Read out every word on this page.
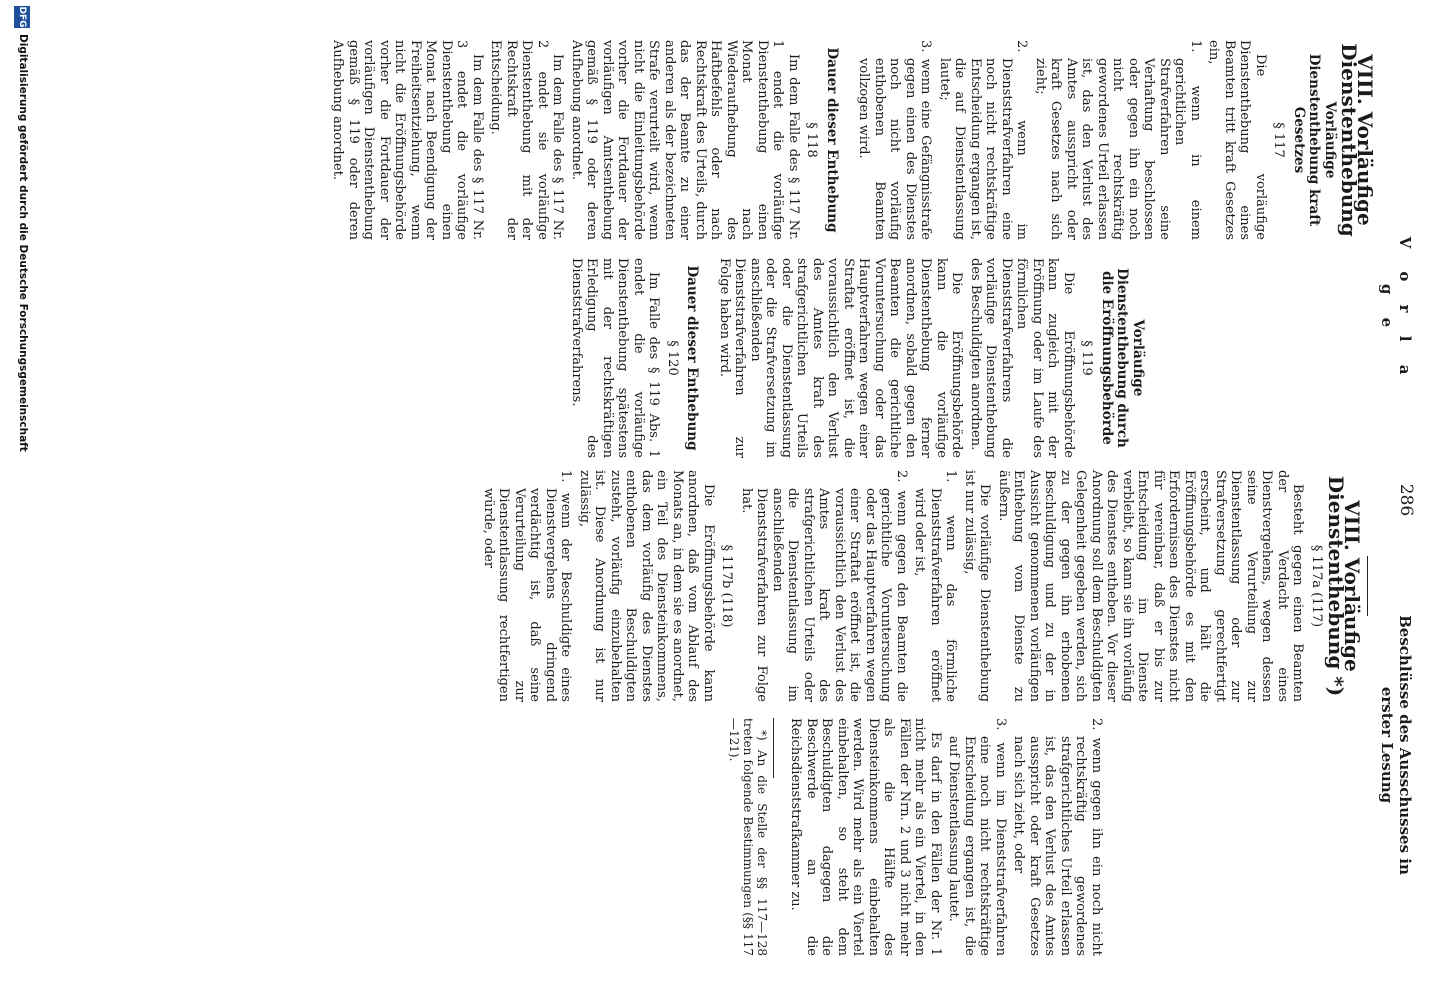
V o r l a g e
286
Beschlüsse des Ausschusses in erster Lesung
VIII. Vorläufige Dienstenthebung
Vorläufige Dienstenthebung kraft Gesetzes
§ 117

Die vorläufige Dienstenthebung eines Beamten tritt kraft Gesetzes ein,

1. wenn in einem gerichtlichen Strafverfahren seine Verhaftung beschlossen oder gegen ihn ein noch nicht rechtskräftig gewordenes Urteil erlassen ist, das den Verlust des Amtes ausspricht oder kraft Gesetzes nach sich zieht;

2. wenn im Dienststrafverfahren eine noch nicht rechtskräftige Entscheidung ergangen ist, die auf Dienstentlassung lautet;

3. wenn eine Gefängnisstrafe gegen einen des Dienstes noch nicht vorläufig enthobenen Beamten vollzogen wird.

Dauer dieser Enthebung
§ 118

Im dem Falle des § 117 Nr. 1 endet die vorläufige Dienstenthebung einen Monat nach Wiederaufhebung des Haftbefehls oder nach Rechtskraft des Urteils, durch das der Beamte zu einer anderen als der bezeichneten Strafe verurteilt wird, wenn nicht die Einleitungsbehörde vorher die Fortdauer der vorläufigen Amtsenthebung gemäß § 119 oder deren Aufhebung anordnet.

Im dem Falle des § 117 Nr. 2 endet sie vorläufige Dienstenthebung mit der Rechtskraft der Entscheidung.

Im dem Falle des § 117 Nr. 3 endet die vorläufige Dienstenthebung einen Monat nach Beendigung der Freiheitsentziehung, wenn nicht die Eröffnungsbehörde vorher die Fortdauer der vorläufigen Dienstenthebung gemäß § 119 oder deren Aufhebung anordnet.

Vorläufige Dienstenthebung durch die Eröffnungsbehörde
§ 119

Die Eröffnungsbehörde kann zugleich mit der Eröffnung oder im Laufe des förmlichen Dienststrafverfahrens die vorläufige Dienstenthebung des Beschuldigten anordnen.

Die Eröffnungsbehörde kann die vorläufige Dienstenthebung ferner anordnen, sobald gegen den Beamten die gerichtliche Voruntersuchung oder das Hauptverfahren wegen einer Straftat eröffnet ist, die voraussichtlich den Verlust des Amtes kraft des strafgerichtlichen Urteils oder die Dienstentlassung oder die Strafversetzung im anschließenden Dienststrafverfahren zur Folge haben wird.

Dauer dieser Enthebung
§ 120

Im Falle des § 119 Abs. 1 endet die vorläufige Dienstenthebung spätestens mit der rechtskräftigen Erledigung des Dienststrafverfahrens.

VIII. Vorläufige Dienstenthebung *)
§ 117a (117)

Besteht gegen einen Beamten der Verdacht eines Dienstvergehens, wegen dessen seine Verurteilung zur Dienstentlassung oder zur Strafversetzung gerechtfertigt erscheint, und hält die Eröffnungsbehörde es mit den Erfordernissen des Dienstes nicht für vereinbar, daß er bis zur Entscheidung im Dienste verbleibt, so kann sie ihn vorläufig des Dienstes entheben. Vor dieser Anordnung soll dem Beschuldigten Gelegenheit gegeben werden, sich zu der gegen ihn erhobenen Beschuldigung und zu der in Aussicht genommenen vorläufigen Enthebung vom Dienste zu äußern.

Die vorläufige Dienstenthebung ist nur zulässig,

1. wenn das förmliche Dienststrafverfahren eröffnet wird oder ist,

2. wenn gegen den Beamten die gerichtliche Voruntersuchung oder das Hauptverfahren wegen einer Straftat eröffnet ist, die voraussichtlich den Verlust des Amtes kraft des strafgerichtlichen Urteils oder die Dienstentlassung im anschließenden Dienststrafverfahren zur Folge hat.

§ 117b (118)

Die Eröffnungsbehörde kann anordnen, daß vom Ablauf des Monats an, in dem sie es anordnet, ein Teil des Diensteinkommens, das dem vorläufig des Dienstes enthobenen Beschuldigten zusteht, vorläufig einzubehalten ist. Diese Anordnung ist nur zulässig,

1. wenn der Beschuldigte eines Dienstvergehens dringend verdächtig ist, daß seine Verurteilung zur Dienstentlassung rechtfertigen würde, oder

2. wenn gegen ihn ein noch nicht rechtskräftig gewordenes strafgerichtliches Urteil erlassen ist, das den Verlust des Amtes ausspricht oder kraft Gesetzes nach sich zieht, oder

3. wenn im Dienststrafverfahren eine noch nicht rechtskräftige Entscheidung ergangen ist, die auf Dienstentlassung lautet.

Es darf in den Fällen der Nr. 1 nicht mehr als ein Viertel, in den Fällen der Nrn. 2 und 3 nicht mehr als die Hälfte des Diensteinkommens einbehalten werden. Wird mehr als ein Viertel einbehalten, so steht dem Beschuldigten dagegen die Beschwerde an die Reichsdienststrafkammer zu.

*) An die Stelle der §§ 117—128 treten folgende Bestimmungen (§§ 117—121).

DFG
Digitalisierung gefördert durch die Deutsche Forschungsgemeinschaft
